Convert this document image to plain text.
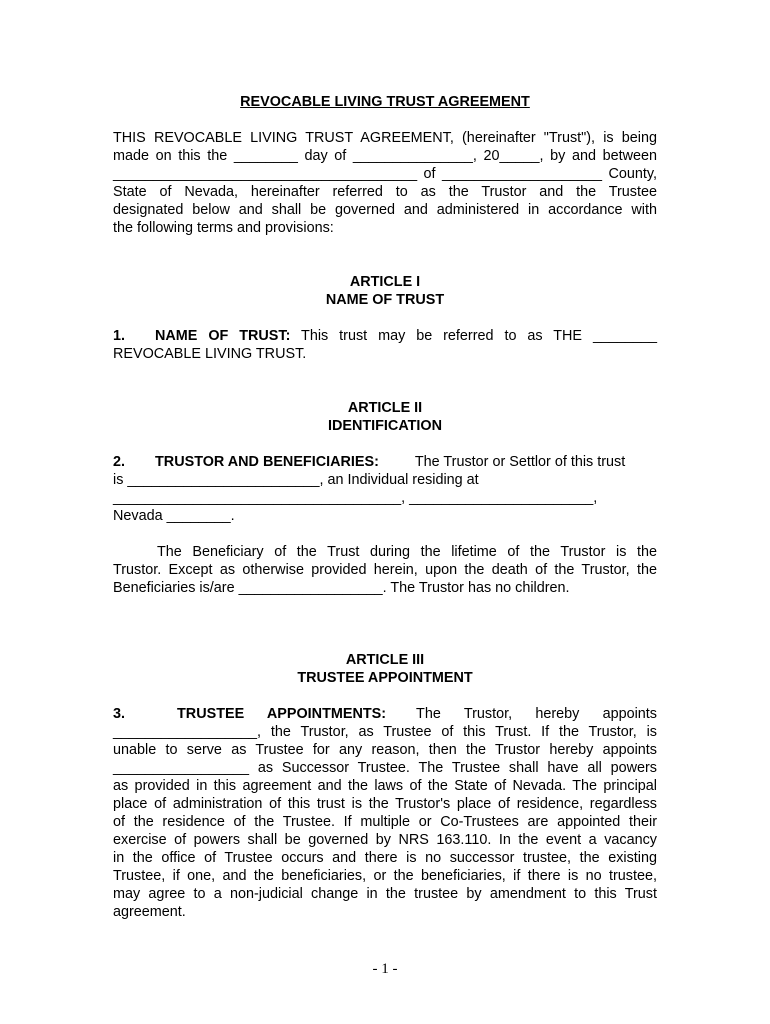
REVOCABLE LIVING TRUST AGREEMENT

THIS REVOCABLE LIVING TRUST AGREEMENT, (hereinafter "Trust"), is being

made on this the ________ day of _______________, 20_____, by and between

______________________________________ of ____________________ County,

State of Nevada, hereinafter referred to as the Trustor and the Trustee

designated below and shall be governed and administered in accordance with

the following terms and provisions:

ARTICLE I

NAME OF TRUST

1. NAME OF TRUST: This trust may be referred to as THE ________

REVOCABLE LIVING TRUST.

ARTICLE II

IDENTIFICATION

2. TRUSTOR AND BENEFICIARIES:	The Trustor or Settlor of this trust

is ________________________, an Individual residing at

____________________________________, _______________________,

Nevada ________.

The Beneficiary of the Trust during the lifetime of the Trustor is the

Trustor. Except as otherwise provided herein, upon the death of the Trustor, the

Beneficiaries is/are __________________. The Trustor has no children.

ARTICLE III

TRUSTEE APPOINTMENT

3.	TRUSTEE APPOINTMENTS: The Trustor, hereby appoints

__________________, the Trustor, as Trustee of this Trust. If the Trustor, is

unable to serve as Trustee for any reason, then the Trustor hereby appoints

_________________ as Successor Trustee. The Trustee shall have all powers

as provided in this agreement and the laws of the State of Nevada. The principal

place of administration of this trust is the Trustor's place of residence, regardless

of the residence of the Trustee. If multiple or Co-Trustees are appointed their

exercise of powers shall be governed by NRS 163.110. In the event a vacancy

in the office of Trustee occurs and there is no successor trustee, the existing

Trustee, if one, and the beneficiaries, or the beneficiaries, if there is no trustee,

may agree to a non-judicial change in the trustee by amendment to this Trust

agreement.

- 1 -
